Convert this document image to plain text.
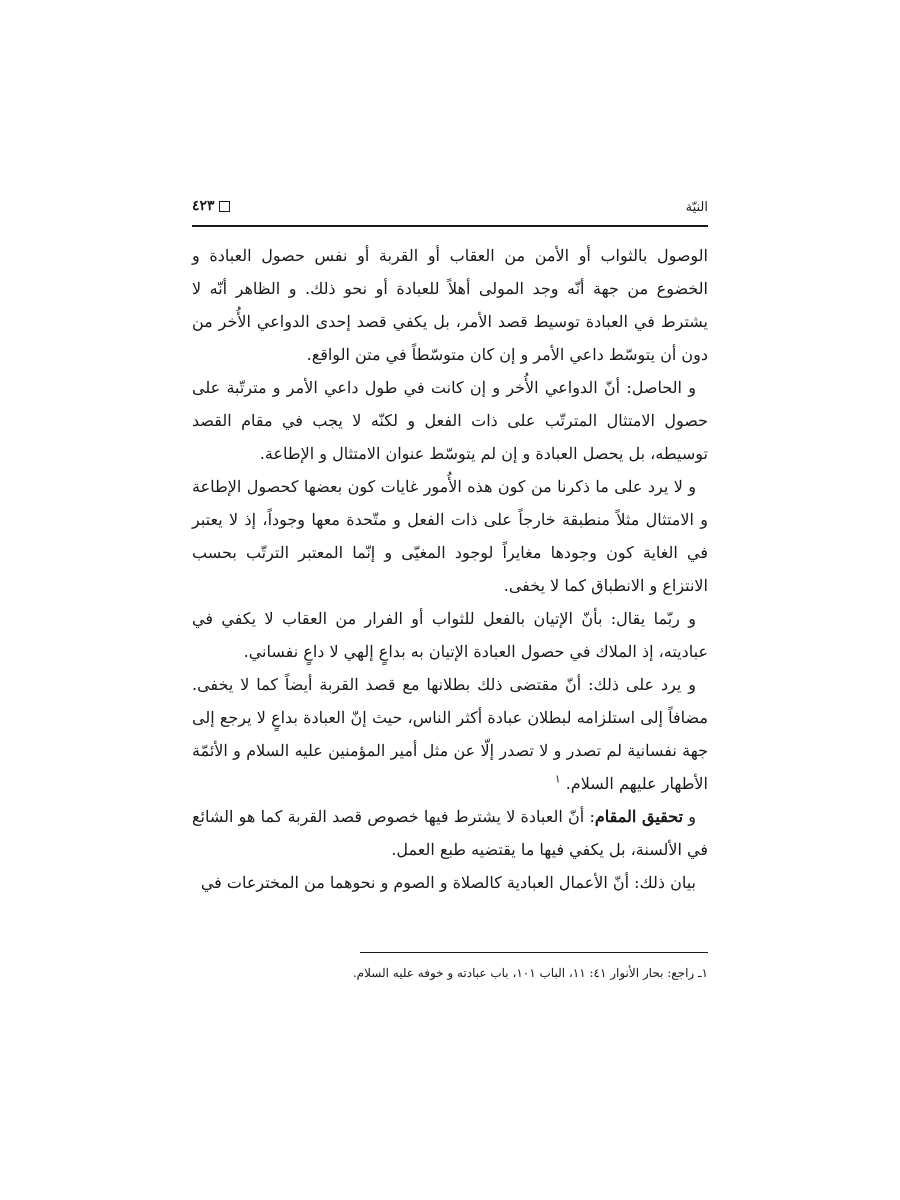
النيّة
٤٢٣

الوصول بالثواب أو الأمن من العقاب أو القربة أو نفس حصول العبادة و الخضوع من جهة أنّه وجد المولى أهلاً للعبادة أو نحو ذلك. و الظاهر أنّه لا يشترط في العبادة توسيط قصد الأمر، بل يكفي قصد إحدى الدواعي الأُخر من دون أن يتوسّط داعي الأمر و إن كان متوسّطاً في متن الواقع.

و الحاصل: أنّ الدواعي الأُخر و إن كانت في طول داعي الأمر و مترتّبة على حصول الامتثال المترتّب على ذات الفعل و لكنّه لا يجب في مقام القصد توسيطه، بل يحصل العبادة و إن لم يتوسّط عنوان الامتثال و الإطاعة.

و لا يرد على ما ذكرنا من كون هذه الأُمور غايات كون بعضها كحصول الإطاعة و الامتثال مثلاً منطبقة خارجاً على ذات الفعل و متّحدة معها وجوداً، إذ لا يعتبر في الغاية كون وجودها مغايراً لوجود المغيّى و إنّما المعتبر الترتّب بحسب الانتزاع و الانطباق كما لا يخفى.

و ربّما يقال: بأنّ الإتيان بالفعل للثواب أو الفرار من العقاب لا يكفي في عباديته، إذ الملاك في حصول العبادة الإتيان به بداعٍ إلهي لا داعٍ نفساني.

و يرد على ذلك: أنّ مقتضى ذلك بطلانها مع قصد القربة أيضاً كما لا يخفى. مضافاً إلى استلزامه لبطلان عبادة أكثر الناس، حيث إنّ العبادة بداعٍ لا يرجع إلى جهة نفسانية لم تصدر و لا تصدر إلّا عن مثل أمير المؤمنين عليه السلام و الأئمّة الأطهار عليهم السلام. $^١$

و تحقيق المقام: أنّ العبادة لا يشترط فيها خصوص قصد القربة كما هو الشائع في الألسنة، بل يكفي فيها ما يقتضيه طبع العمل.

بيان ذلك: أنّ الأعمال العبادية كالصلاة و الصوم و نحوهما من المخترعات في

١ـ راجع: بحار الأنوار ٤١: ١١، الباب ١٠١، باب عبادته و خوفه عليه السلام.
